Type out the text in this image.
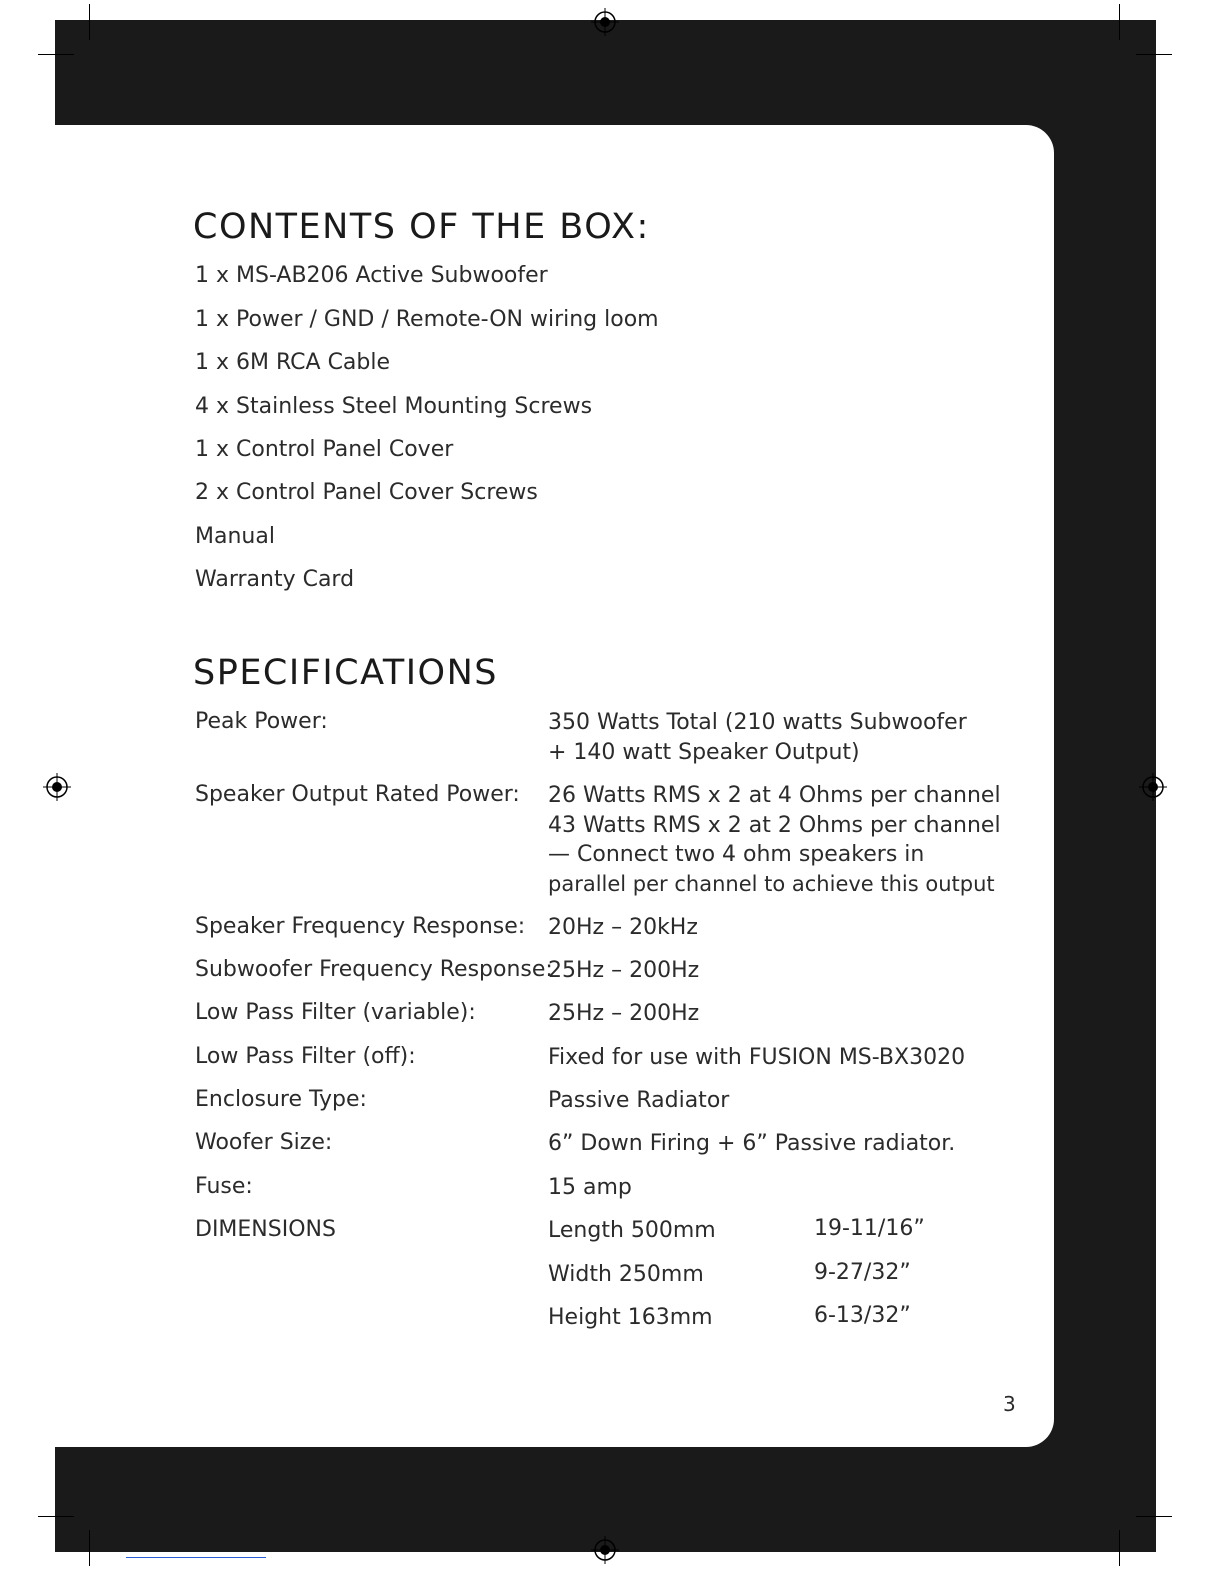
CONTENTS OF THE BOX:
1 x MS-AB206 Active Subwoofer
1 x Power / GND / Remote-ON wiring loom
1 x 6M RCA Cable
4 x Stainless Steel Mounting Screws
1 x Control Panel Cover
2 x Control Panel Cover Screws
Manual
Warranty Card
SPECIFICATIONS
Peak Power:	350 Watts Total (210 watts Subwoofer
+ 140 watt Speaker Output)
Speaker Output Rated Power: 26 Watts RMS x 2 at 4 Ohms per channel
43 Watts RMS x 2 at 2 Ohms per channel
— Connect two 4 ohm speakers in
parallel per channel to achieve this output
Speaker Frequency Response: 20Hz – 20kHz
Subwoofer Frequency Response:
25Hz – 200Hz
Low Pass Filter (variable):	25Hz – 200Hz
Low Pass Filter (off):	Fixed for use with FUSION MS-BX3020
Enclosure Type:	Passive Radiator
Woofer Size:	6” Down Firing + 6” Passive radiator.
Fuse:	15 amp
DIMENSIONS	Length 500mm	19-11/16”
Width 250mm	9-27/32”
Height 163mm	6-13/32”
3
